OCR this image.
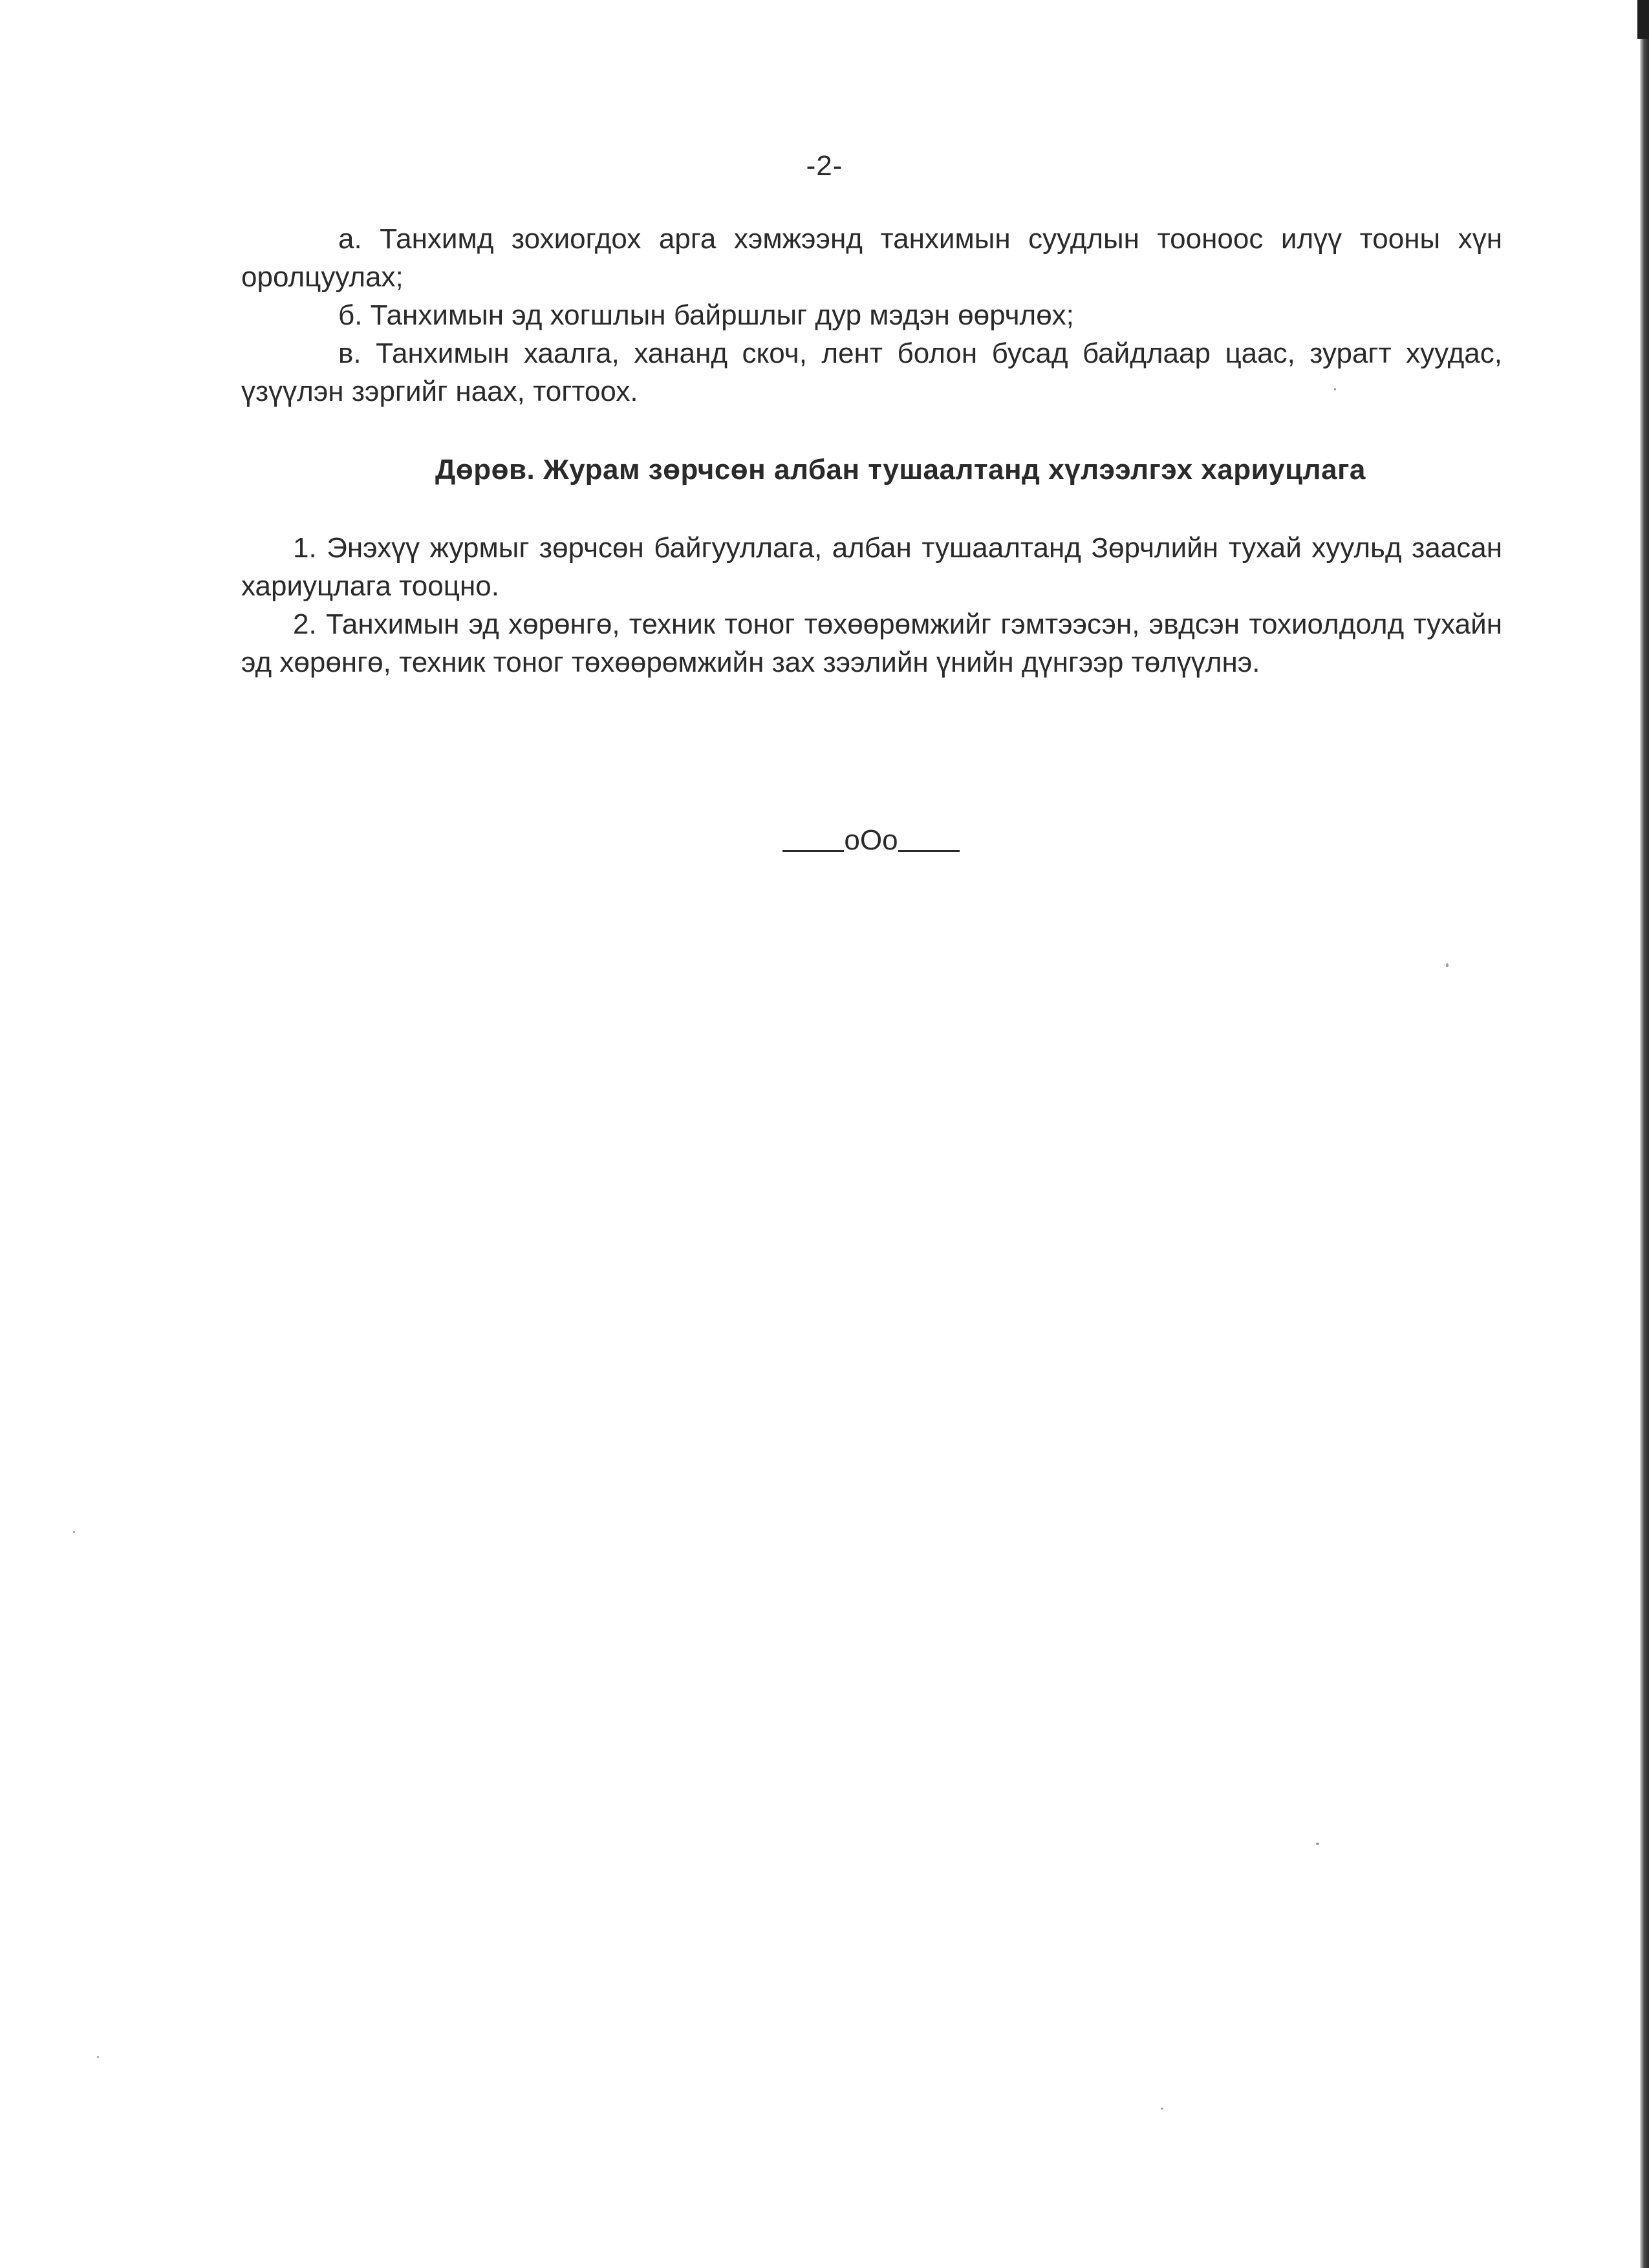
-2-

а. Танхимд зохиогдох арга хэмжээнд танхимын суудлын тооноос илүү тооны хүн оролцуулах;

б. Танхимын эд хогшлын байршлыг дур мэдэн өөрчлөх;

в. Танхимын хаалга, хананд скоч, лент болон бусад байдлаар цаас, зурагт хуудас, үзүүлэн зэргийг наах, тогтоох.

Дөрөв. Журам зөрчсөн албан тушаалтанд хүлээлгэх хариуцлага

1. Энэхүү журмыг зөрчсөн байгууллага, албан тушаалтанд Зөрчлийн тухай хуульд заасан хариуцлага тооцно.

2. Танхимын эд хөрөнгө, техник тоног төхөөрөмжийг гэмтээсэн, эвдсэн тохиолдолд тухайн эд хөрөнгө, техник тоног төхөөрөмжийн зах зээлийн үнийн дүнгээр төлүүлнэ.

oOo
